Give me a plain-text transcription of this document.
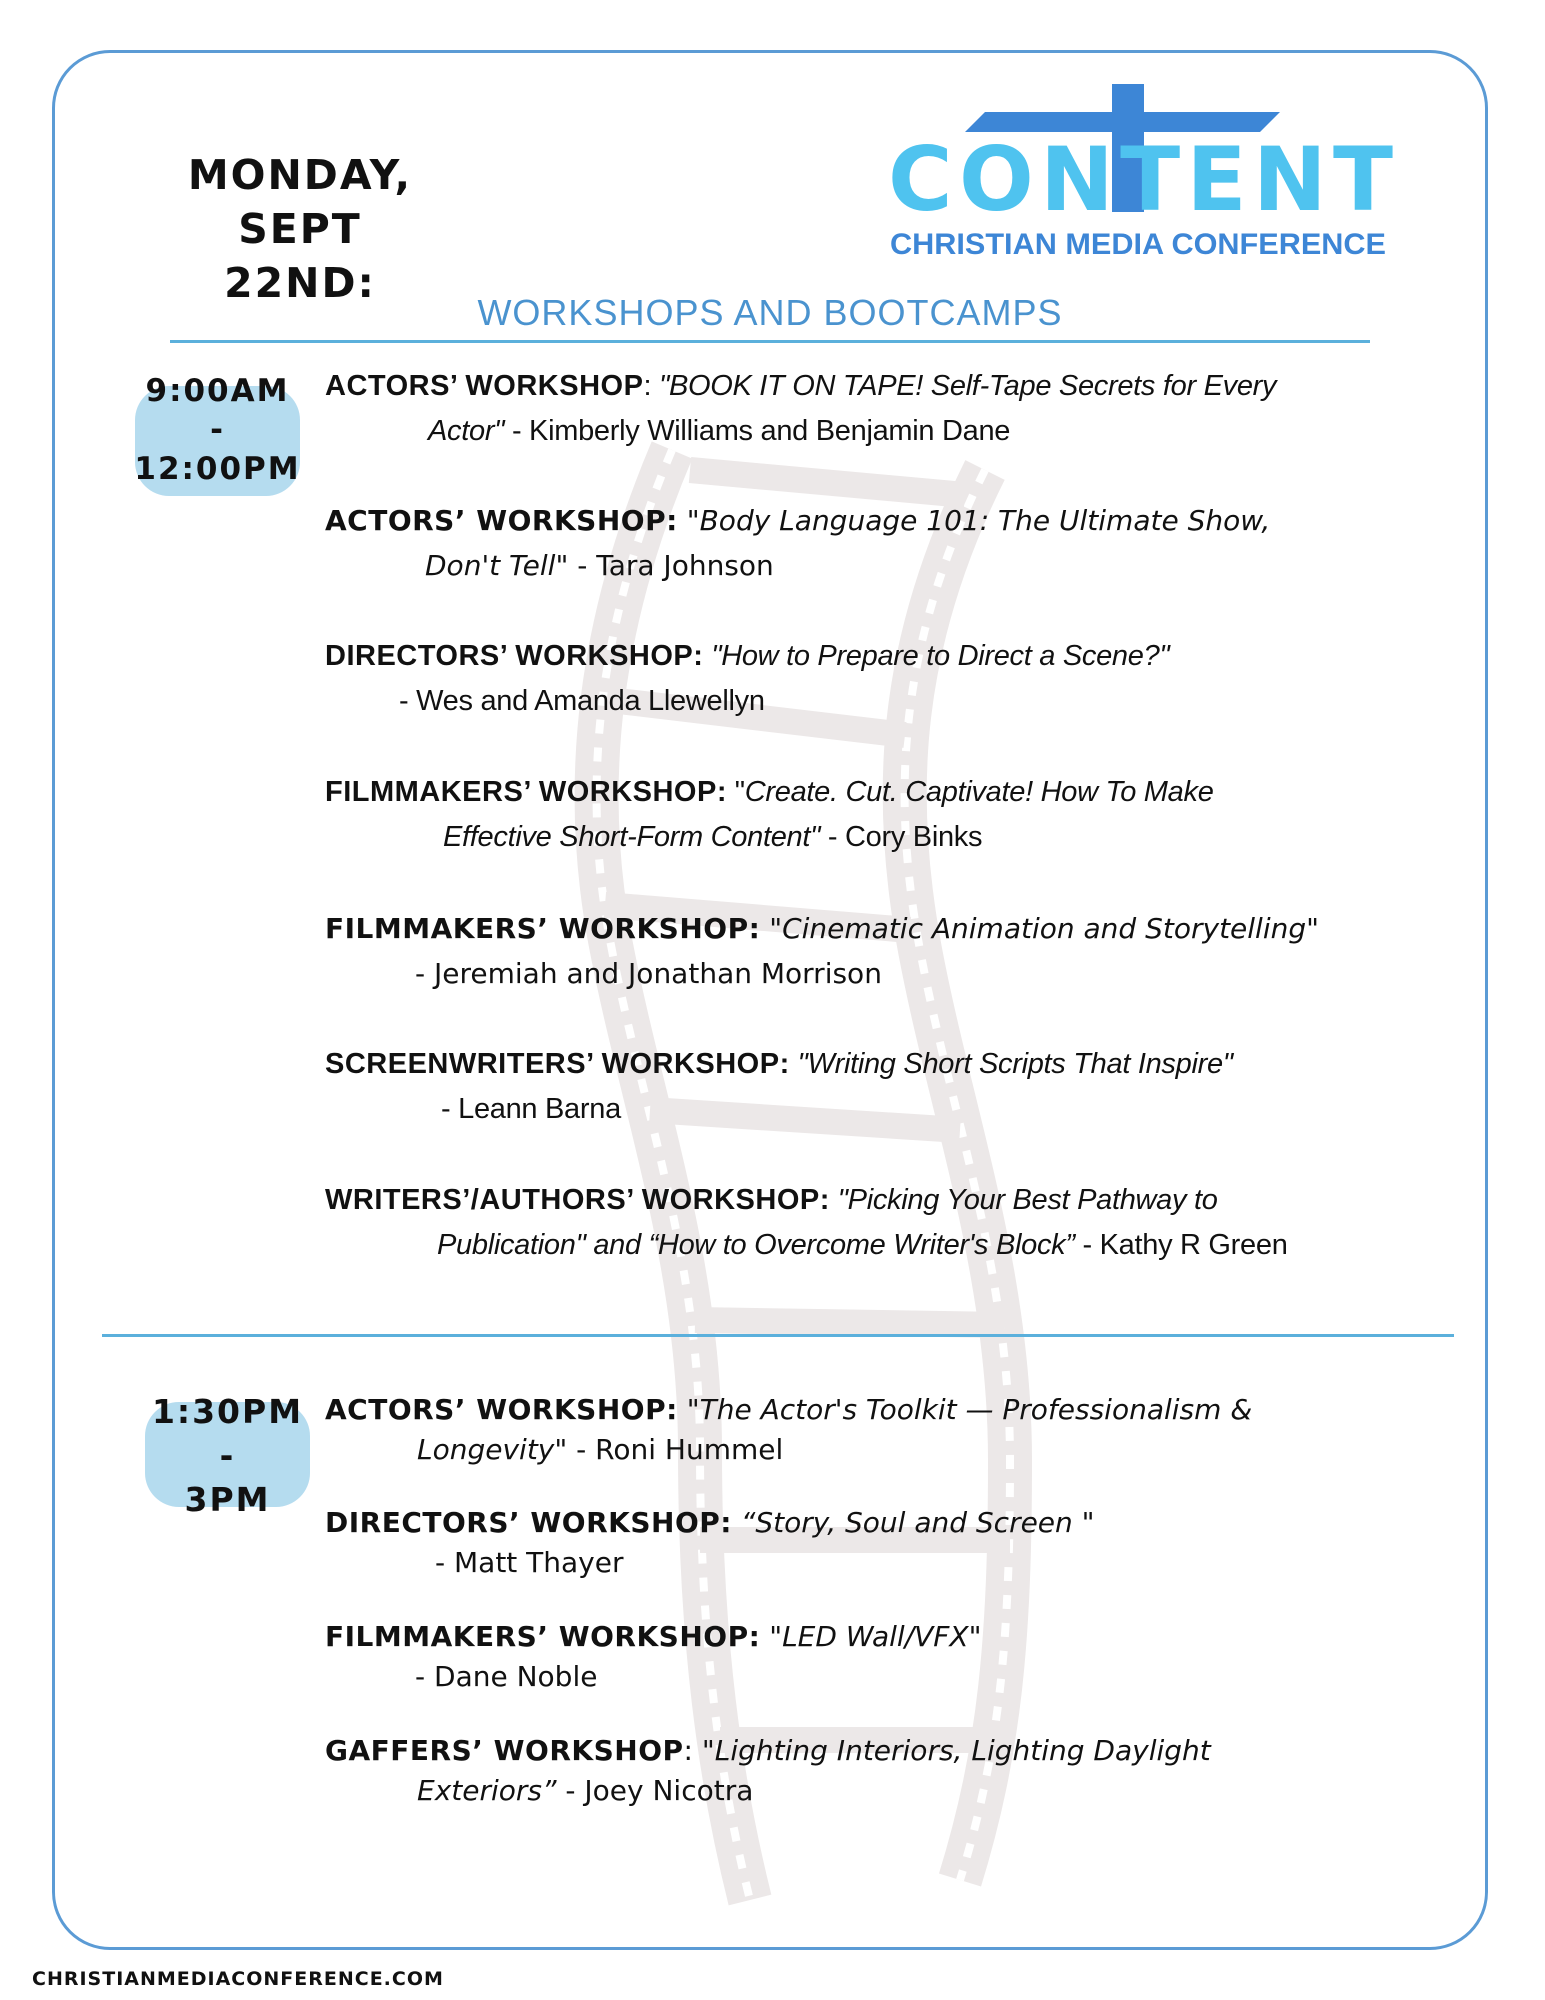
MONDAY, SEPT
22ND:
CONTENT
CHRISTIAN MEDIA CONFERENCE
WORKSHOPS AND BOOTCAMPS
9:00AM
-
12:00PM
ACTORS’ WORKSHOP: "BOOK IT ON TAPE! Self-Tape Secrets for Every
Actor" - Kimberly Williams and Benjamin Dane
ACTORS’ WORKSHOP: "Body Language 101: The Ultimate Show,
Don't Tell" - Tara Johnson
DIRECTORS’ WORKSHOP: "How to Prepare to Direct a Scene?"
- Wes and Amanda Llewellyn
FILMMAKERS’ WORKSHOP: "Create. Cut. Captivate! How To Make
Effective Short-Form Content" - Cory Binks
FILMMAKERS’ WORKSHOP: "Cinematic Animation and Storytelling"
- Jeremiah and Jonathan Morrison
SCREENWRITERS’ WORKSHOP: "Writing Short Scripts That Inspire"
- Leann Barna
WRITERS’/AUTHORS’ WORKSHOP: "Picking Your Best Pathway to
Publication" and “How to Overcome Writer's Block” - Kathy R Green
1:30PM
-
3PM
ACTORS’ WORKSHOP: "The Actor's Toolkit — Professionalism &
Longevity" - Roni Hummel
DIRECTORS’ WORKSHOP: “Story, Soul and Screen "
- Matt Thayer
FILMMAKERS’ WORKSHOP: "LED Wall/VFX"
- Dane Noble
GAFFERS’ WORKSHOP: "Lighting Interiors, Lighting Daylight
Exteriors” - Joey Nicotra
CHRISTIANMEDIACONFERENCE.COM
